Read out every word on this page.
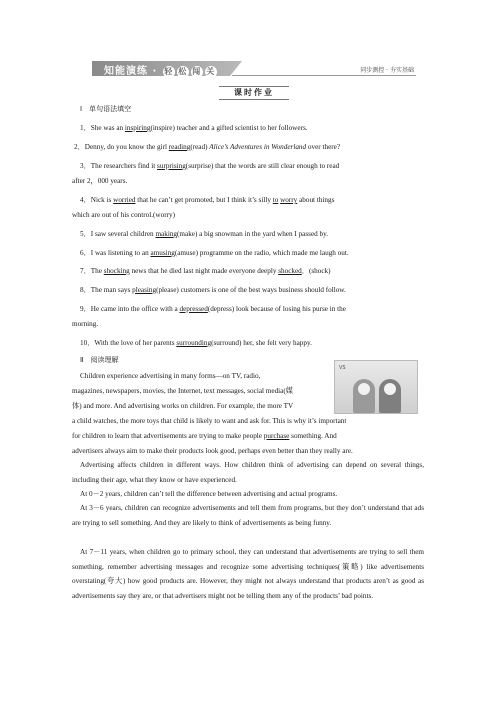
知能演练 · 轻 松 闯 关	同步测控 · 夯实基础
课时作业
Ⅰ　单句语法填空
1．She was an inspiring(inspire) teacher and a gifted scientist to her followers.
2．Denny, do you know the girl reading(read) Alice’s Adventures in Wonderland over there?
3．The researchers find it surprising(surprise) that the words are still clear enough to read
after 2，000 years.
4．Nick is worried that he can’t get promoted, but I think it’s silly to worry about things
which are out of his control.(worry)
5．I saw several children making(make) a big snowman in the yard when I passed by.
6．I was listening to an amusing(amuse) programme on the radio, which made me laugh out.
7．The shocking news that he died last night made everyone deeply shocked．(shock)
8．The man says pleasing(please) customers is one of the best ways business should follow.
9．He came into the office with a depressed(depress) look because of losing his purse in the
morning.
10．With the love of her parents surrounding(surround) her, she felt very happy.
Ⅱ　阅读理解
VS
Children experience advertising in many forms—on TV, radio,
magazines, newspapers, movies, the Internet, text messages, social media(媒
体) and more. And advertising works on children. For example, the more TV
a child watches, the more toys that child is likely to want and ask for. This is why it’s important
for children to learn that advertisements are trying to make people purchase something. And
advertisers always aim to make their products look good, perhaps even better than they really are.
Advertising affects children in different ways. How children think of advertising can depend on several things, including their age, what they know or have experienced.
At 0－2 years, children can’t tell the difference between advertising and actual programs.
At 3－6 years, children can recognize advertisements and tell them from programs, but they don’t understand that ads are trying to sell something. And they are likely to think of advertisements as being funny.
At 7－11 years, when children go to primary school, they can understand that advertisements are trying to sell them something, remember advertising messages and recognize some advertising techniques(策略) like advertisements overstating(夸大) how good products are. However, they might not always understand that products aren’t as good as advertisements say they are, or that advertisers might not be telling them any of the products’ bad points.
